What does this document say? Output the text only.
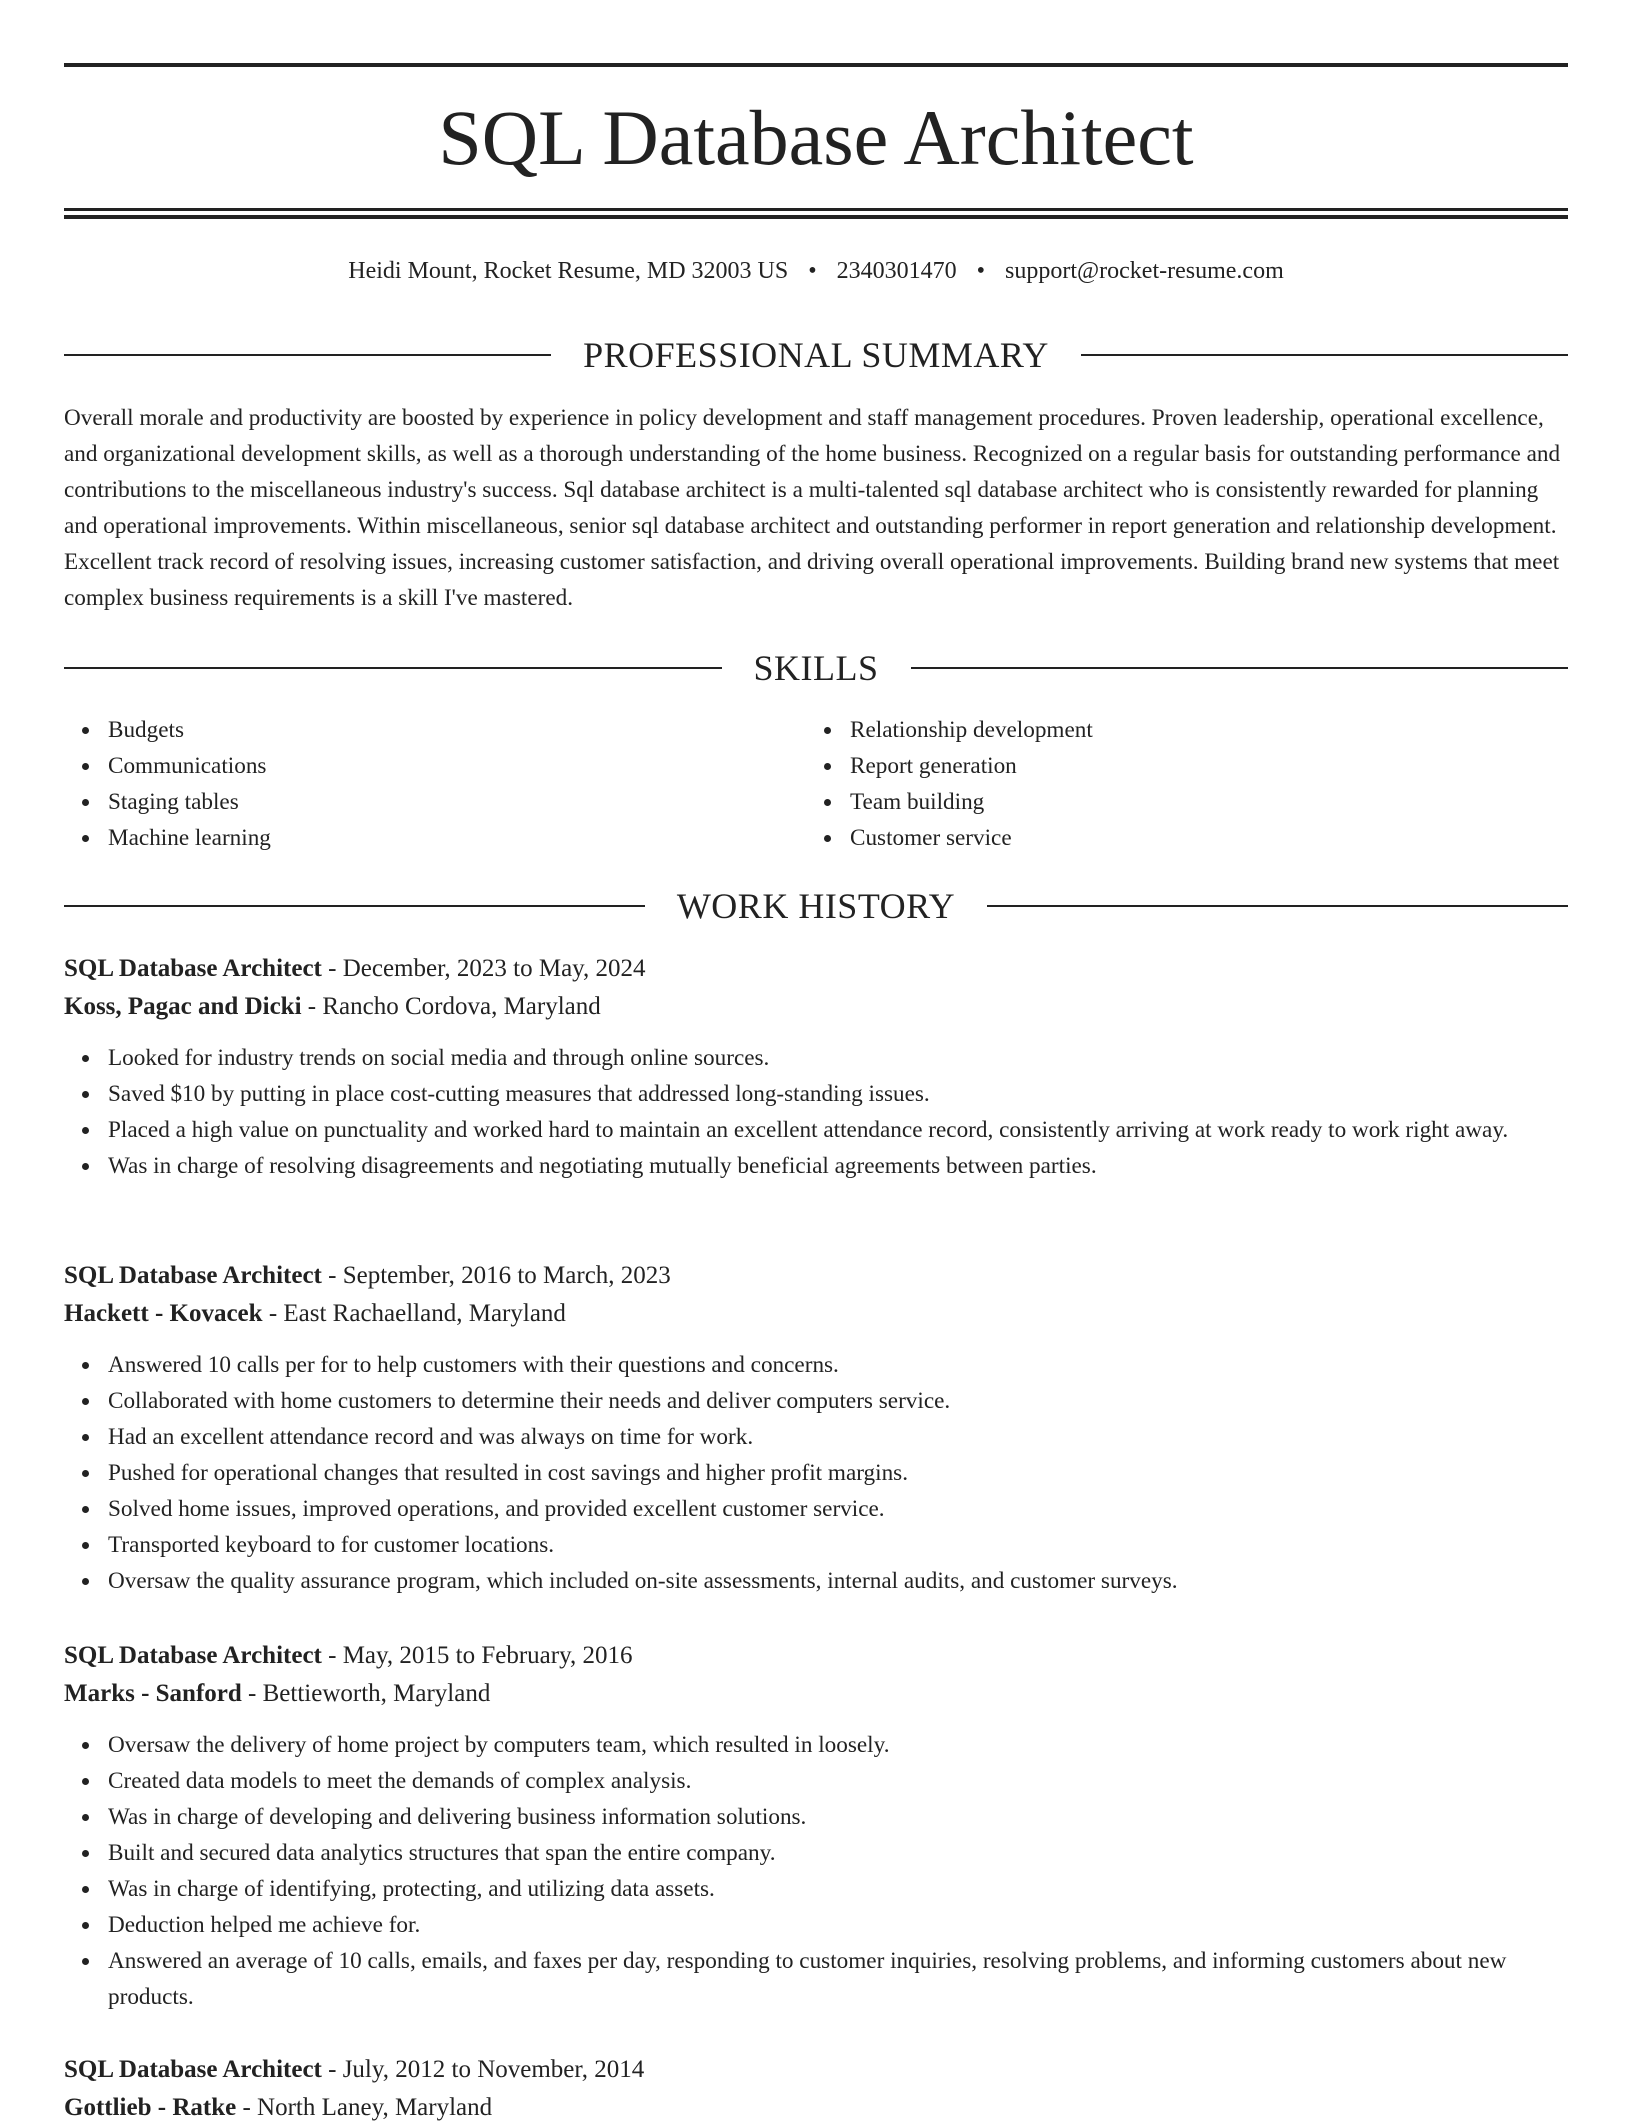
SQL Database Architect
Heidi Mount, Rocket Resume, MD 32003 US • 2340301470 • support@rocket-resume.com
PROFESSIONAL SUMMARY

Overall morale and productivity are boosted by experience in policy development and staff management procedures. Proven leadership, operational excellence, and organizational development skills, as well as a thorough understanding of the home business. Recognized on a regular basis for outstanding performance and contributions to the miscellaneous industry's success. Sql database architect is a multi-talented sql database architect who is consistently rewarded for planning and operational improvements. Within miscellaneous, senior sql database architect and outstanding performer in report generation and relationship development. Excellent track record of resolving issues, increasing customer satisfaction, and driving overall operational improvements. Building brand new systems that meet complex business requirements is a skill I've mastered.

SKILLS
Budgets
Communications
Staging tables
Machine learning
Relationship development
Report generation
Team building
Customer service
WORK HISTORY
SQL Database Architect - December, 2023 to May, 2024
Koss, Pagac and Dicki - Rancho Cordova, Maryland
Looked for industry trends on social media and through online sources.
Saved $10 by putting in place cost-cutting measures that addressed long-standing issues.
Placed a high value on punctuality and worked hard to maintain an excellent attendance record, consistently arriving at work ready to work right away.
Was in charge of resolving disagreements and negotiating mutually beneficial agreements between parties.
SQL Database Architect - September, 2016 to March, 2023
Hackett - Kovacek - East Rachaelland, Maryland
Answered 10 calls per for to help customers with their questions and concerns.
Collaborated with home customers to determine their needs and deliver computers service.
Had an excellent attendance record and was always on time for work.
Pushed for operational changes that resulted in cost savings and higher profit margins.
Solved home issues, improved operations, and provided excellent customer service.
Transported keyboard to for customer locations.
Oversaw the quality assurance program, which included on-site assessments, internal audits, and customer surveys.
SQL Database Architect - May, 2015 to February, 2016
Marks - Sanford - Bettieworth, Maryland
Oversaw the delivery of home project by computers team, which resulted in loosely.
Created data models to meet the demands of complex analysis.
Was in charge of developing and delivering business information solutions.
Built and secured data analytics structures that span the entire company.
Was in charge of identifying, protecting, and utilizing data assets.
Deduction helped me achieve for.
Answered an average of 10 calls, emails, and faxes per day, responding to customer inquiries, resolving problems, and informing customers about new products.
SQL Database Architect - July, 2012 to November, 2014
Gottlieb - Ratke - North Laney, Maryland
